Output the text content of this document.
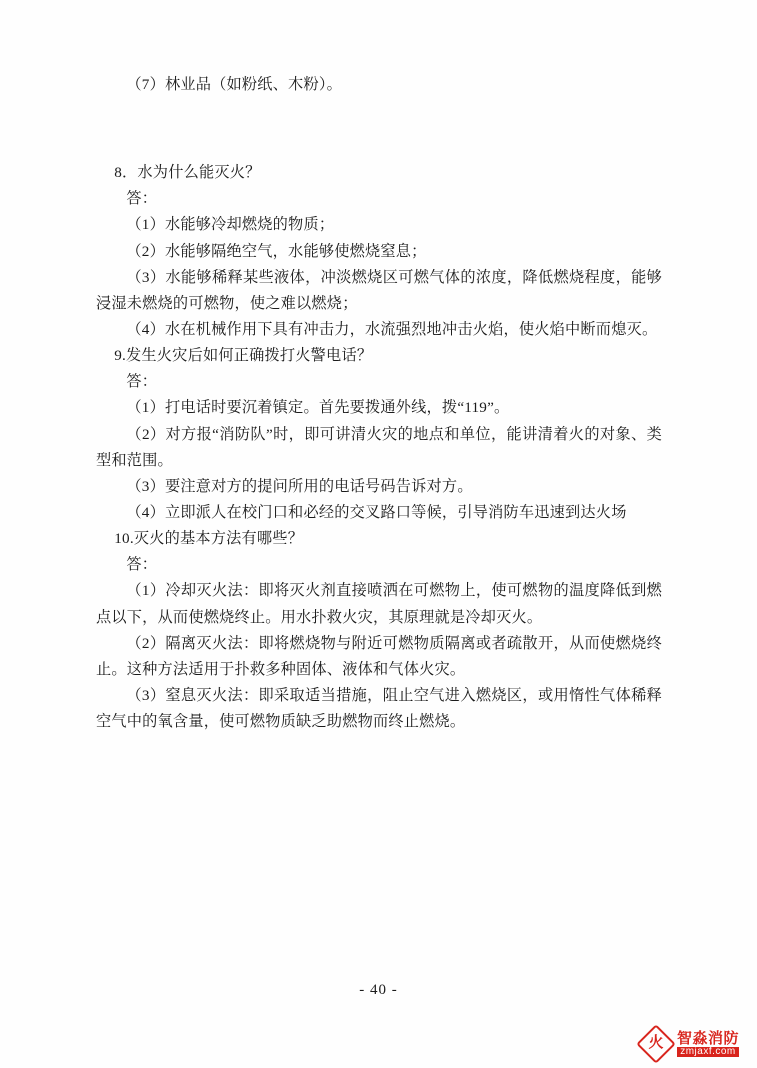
（7）林业品（如粉纸、木粉）。

8．水为什么能灭火？

答：

（1）水能够冷却燃烧的物质；

（2）水能够隔绝空气，水能够使燃烧窒息；

（3）水能够稀释某些液体，冲淡燃烧区可燃气体的浓度，降低燃烧程度，能够浸湿未燃烧的可燃物，使之难以燃烧；

（4）水在机械作用下具有冲击力，水流强烈地冲击火焰，使火焰中断而熄灭。

9.发生火灾后如何正确拨打火警电话？

答：

（1）打电话时要沉着镇定。首先要拨通外线，拨“119”。

（2）对方报“消防队”时，即可讲清火灾的地点和单位，能讲清着火的对象、类型和范围。

（3）要注意对方的提问所用的电话号码告诉对方。

（4）立即派人在校门口和必经的交叉路口等候，引导消防车迅速到达火场

10.灭火的基本方法有哪些？

答：

（1）冷却灭火法：即将灭火剂直接喷洒在可燃物上，使可燃物的温度降低到燃点以下，从而使燃烧终止。用水扑救火灾，其原理就是冷却灭火。

（2）隔离灭火法：即将燃烧物与附近可燃物质隔离或者疏散开，从而使燃烧终止。这种方法适用于扑救多种固体、液体和气体火灾。

（3）窒息灭火法：即采取适当措施，阻止空气进入燃烧区，或用惰性气体稀释空气中的氧含量，使可燃物质缺乏助燃物而终止燃烧。

- 40 -
火 智淼消防
zmjaxf.com
